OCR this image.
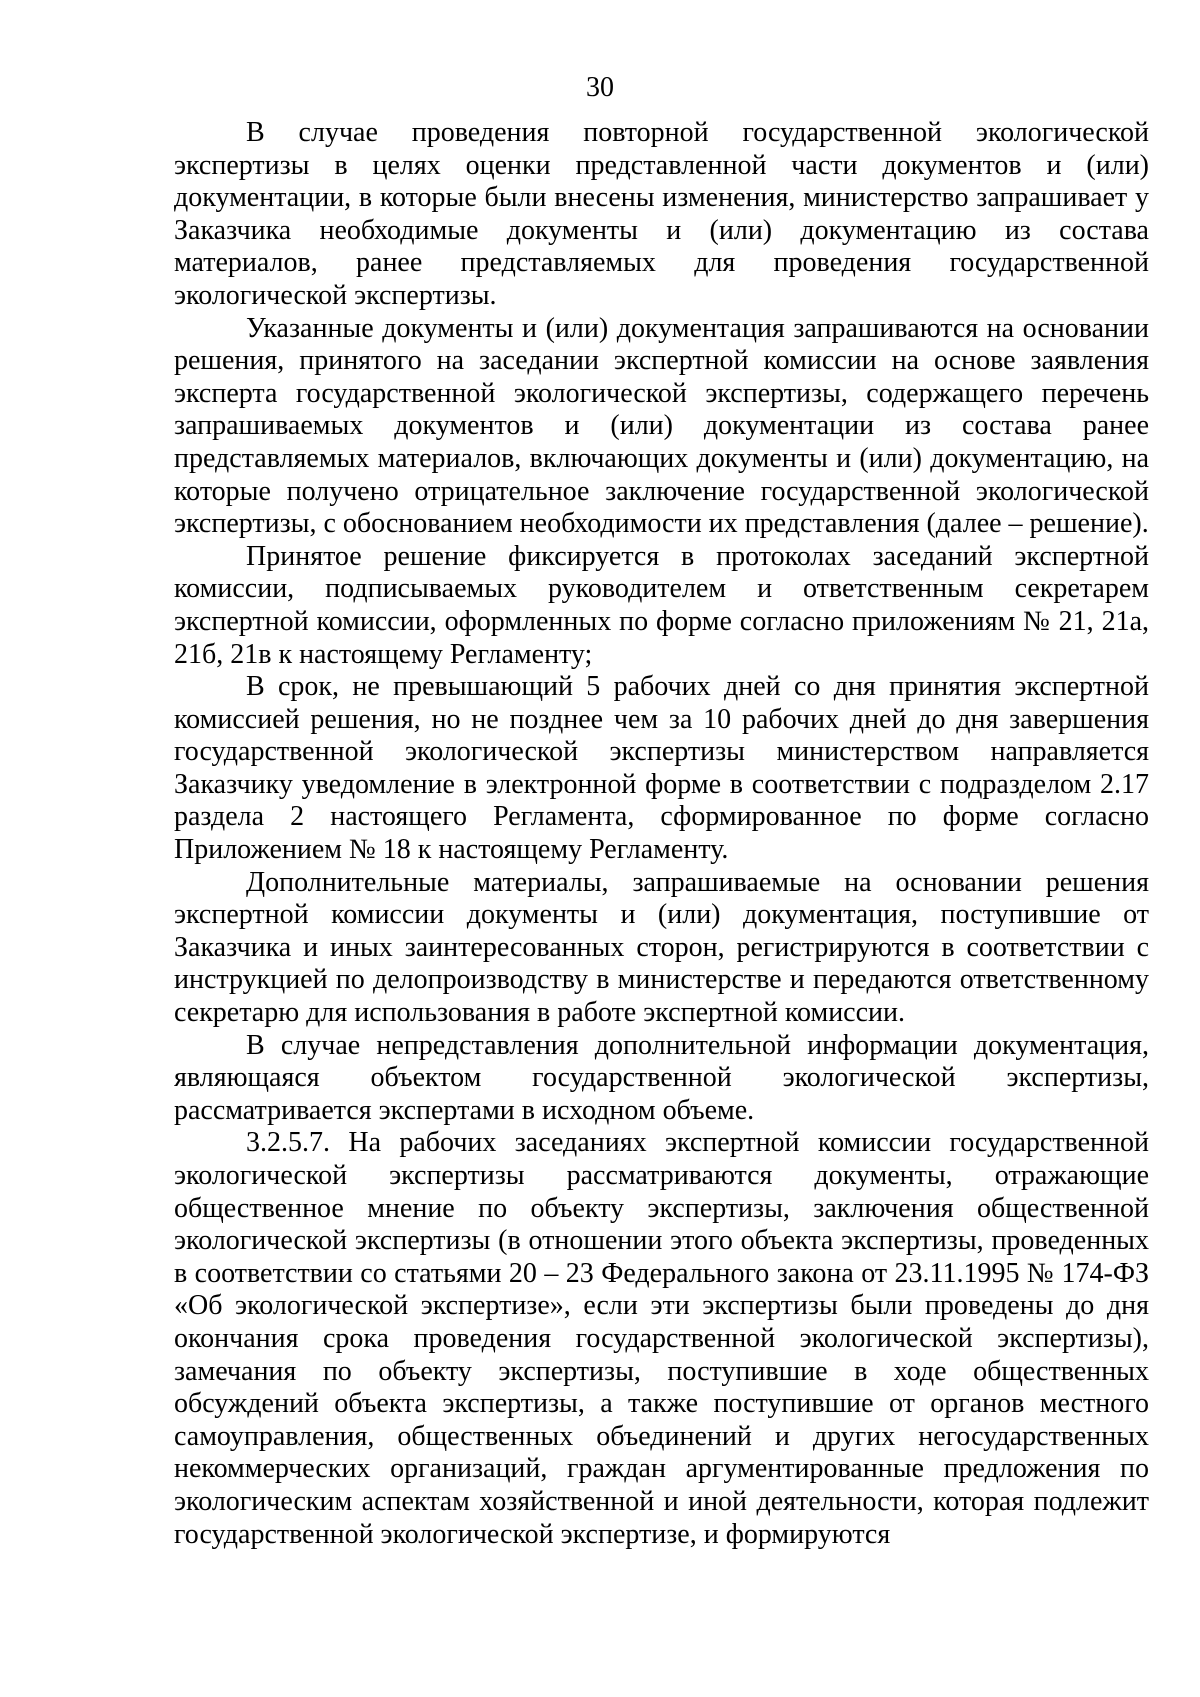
30

В случае проведения повторной государственной экологической экспертизы в целях оценки представленной части документов и (или) документации, в которые были внесены изменения, министерство запрашивает у Заказчика необходимые документы и (или) документацию из состава материалов, ранее представляемых для проведения государственной экологической экспертизы.

Указанные документы и (или) документация запрашиваются на основании решения, принятого на заседании экспертной комиссии на основе заявления эксперта государственной экологической экспертизы, содержащего перечень запрашиваемых документов и (или) документации из состава ранее представляемых материалов, включающих документы и (или) документацию, на которые получено отрицательное заключение государственной экологической экспертизы, с обоснованием необходимости их представления (далее – решение).

Принятое решение фиксируется в протоколах заседаний экспертной комиссии, подписываемых руководителем и ответственным секретарем экспертной комиссии, оформленных по форме согласно приложениям № 21, 21а, 21б, 21в к настоящему Регламенту;

В срок, не превышающий 5 рабочих дней со дня принятия экспертной комиссией решения, но не позднее чем за 10 рабочих дней до дня завершения государственной экологической экспертизы министерством направляется Заказчику уведомление в электронной форме в соответствии с подразделом 2.17 раздела 2 настоящего Регламента, сформированное по форме согласно Приложением № 18 к настоящему Регламенту.

Дополнительные материалы, запрашиваемые на основании решения экспертной комиссии документы и (или) документация, поступившие от Заказчика и иных заинтересованных сторон, регистрируются в соответствии с инструкцией по делопроизводству в министерстве и передаются ответственному секретарю для использования в работе экспертной комиссии.

В случае непредставления дополнительной информации документация, являющаяся объектом государственной экологической экспертизы, рассматривается экспертами в исходном объеме.

3.2.5.7. На рабочих заседаниях экспертной комиссии государственной экологической экспертизы рассматриваются документы, отражающие общественное мнение по объекту экспертизы, заключения общественной экологической экспертизы (в отношении этого объекта экспертизы, проведенных в соответствии со статьями 20 – 23 Федерального закона от 23.11.1995 № 174-ФЗ «Об экологической экспертизе», если эти экспертизы были проведены до дня окончания срока проведения государственной экологической экспертизы), замечания по объекту экспертизы, поступившие в ходе общественных обсуждений объекта экспертизы, а также поступившие от органов местного самоуправления, общественных объединений и других негосударственных некоммерческих организаций, граждан аргументированные предложения по экологическим аспектам хозяйственной и иной деятельности, которая подлежит государственной экологической экспертизе, и формируются
